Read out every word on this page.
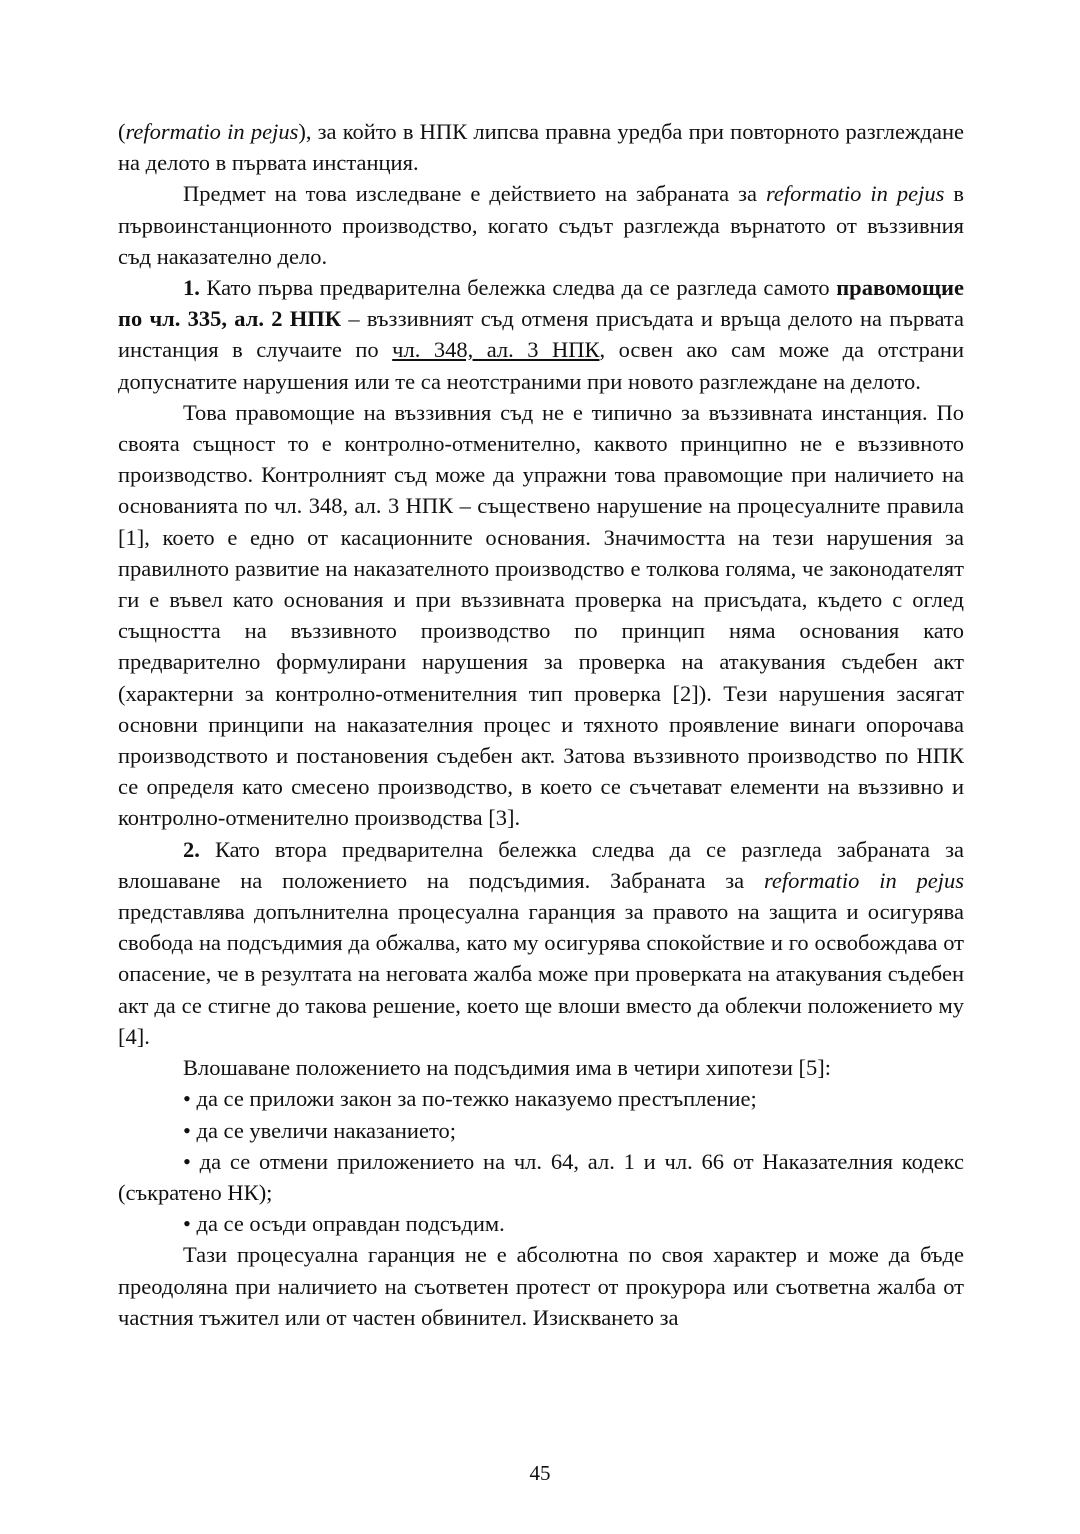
(reformatio in pejus), за който в НПК липсва правна уредба при повторното разглеждане на делото в първата инстанция.

Предмет на това изследване е действието на забраната за reformatio in pejus в първоинстанционното производство, когато съдът разглежда върнатото от въззивния съд наказателно дело.

1. Като първа предварителна бележка следва да се разгледа самото правомощие по чл. 335, ал. 2 НПК – въззивният съд отменя присъдата и връща делото на първата инстанция в случаите по чл. 348, ал. 3 НПК, освен ако сам може да отстрани допуснатите нарушения или те са неотстраними при новото разглеждане на делото.

Това правомощие на въззивния съд не е типично за въззивната инстанция. По своята същност то е контролно-отменително, каквото принципно не е въззивното производство. Контролният съд може да упражни това правомощие при наличието на основанията по чл. 348, ал. 3 НПК – съществено нарушение на процесуалните правила [1], което е едно от касационните основания. Значимостта на тези нарушения за правилното развитие на наказателното производство е толкова голяма, че законодателят ги е въвел като основания и при въззивната проверка на присъдата, където с оглед същността на въззивното производство по принцип няма основания като предварително формулирани нарушения за проверка на атакувания съдебен акт (характерни за контролно-отменителния тип проверка [2]). Тези нарушения засягат основни принципи на наказателния процес и тяхното проявление винаги опорочава производството и постановения съдебен акт. Затова въззивното производство по НПК се определя като смесено производство, в което се съчетават елементи на въззивно и контролно-отменително производства [3].

2. Като втора предварителна бележка следва да се разгледа забраната за влошаване на положението на подсъдимия. Забраната за reformatio in pejus представлява допълнителна процесуална гаранция за правото на защита и осигурява свобода на подсъдимия да обжалва, като му осигурява спокойствие и го освобождава от опасение, че в резултата на неговата жалба може при проверката на атакувания съдебен акт да се стигне до такова решение, което ще влоши вместо да облекчи положението му [4].

Влошаване положението на подсъдимия има в четири хипотези [5]:

• да се приложи закон за по-тежко наказуемо престъпление;

• да се увеличи наказанието;

• да се отмени приложението на чл. 64, ал. 1 и чл. 66 от Наказателния кодекс (съкратено НК);

• да се осъди оправдан подсъдим.

Тази процесуална гаранция не е абсолютна по своя характер и може да бъде преодоляна при наличието на съответен протест от прокурора или съответна жалба от частния тъжител или от частен обвинител. Изискването за

45
